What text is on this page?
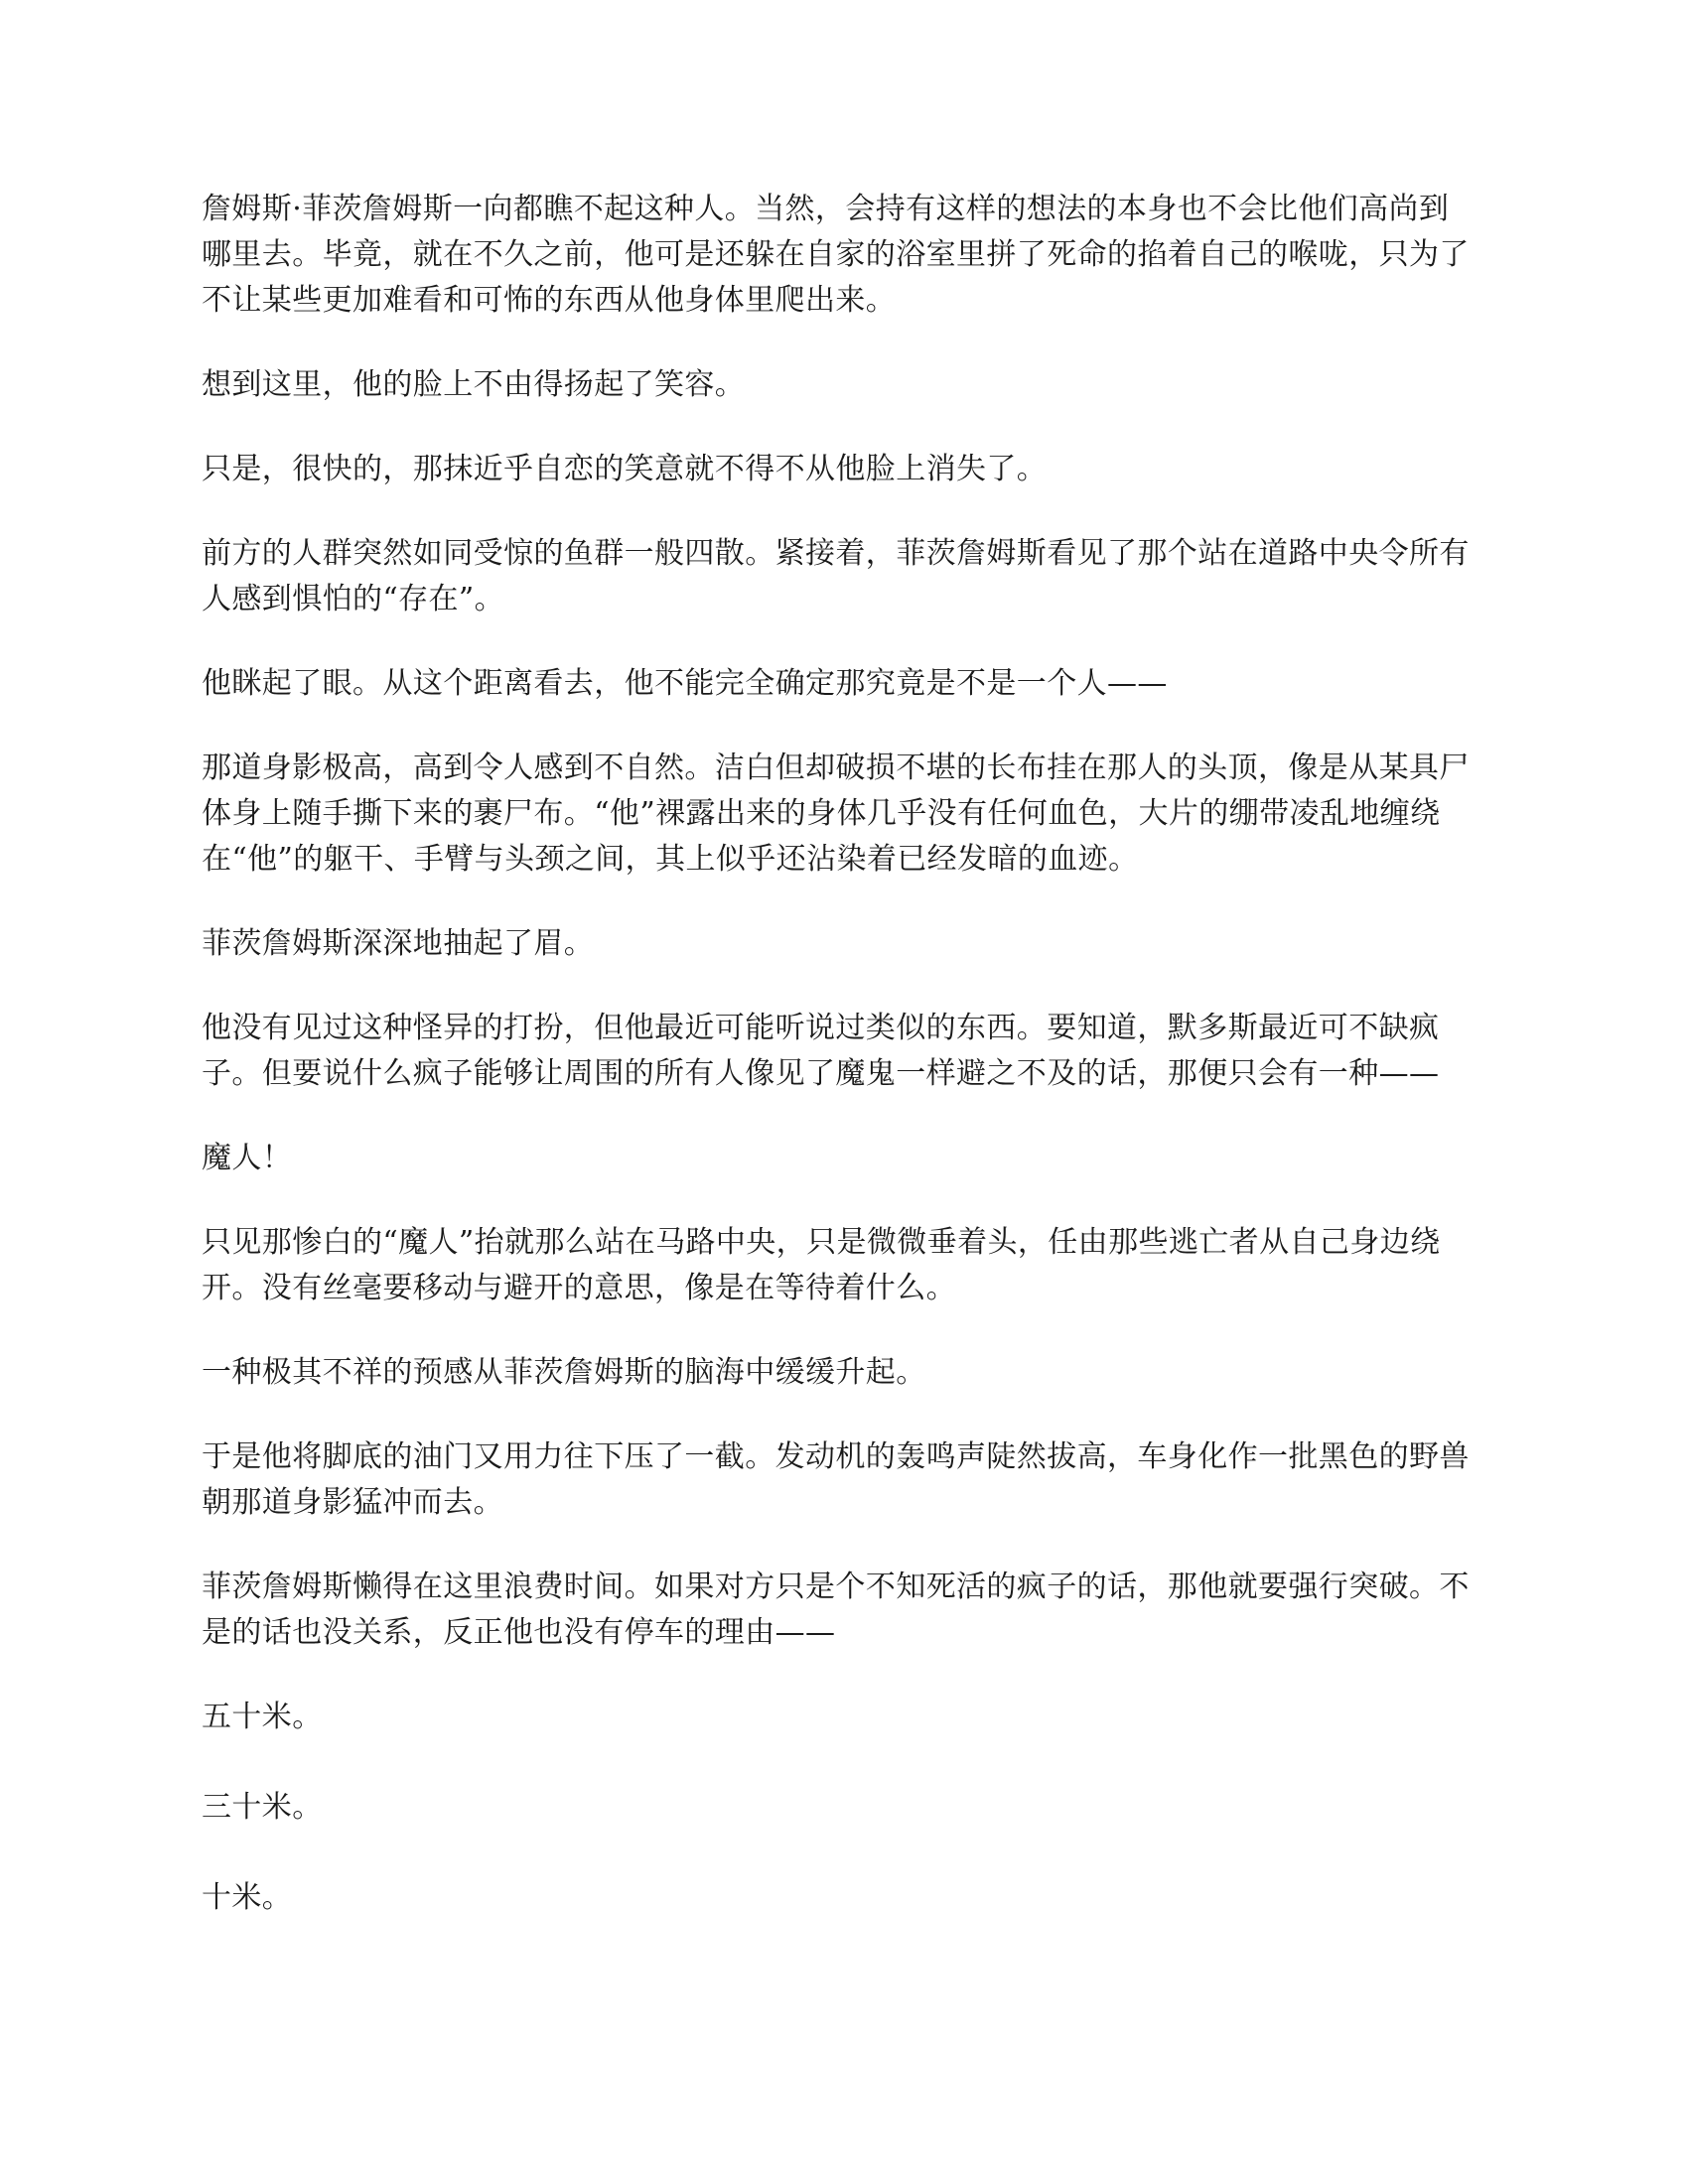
詹姆斯·菲茨詹姆斯一向都瞧不起这种人。当然，会持有这样的想法的本身也不会比他们高尚到
哪里去。毕竟，就在不久之前，他可是还躲在自家的浴室里拼了死命的掐着自己的喉咙，只为了
不让某些更加难看和可怖的东西从他身体里爬出来。

想到这里，他的脸上不由得扬起了笑容。

只是，很快的，那抹近乎自恋的笑意就不得不从他脸上消失了。

前方的人群突然如同受惊的鱼群一般四散。紧接着，菲茨詹姆斯看见了那个站在道路中央令所有
人感到惧怕的“存在”。

他眯起了眼。从这个距离看去，他不能完全确定那究竟是不是一个人——

那道身影极高，高到令人感到不自然。洁白但却破损不堪的长布挂在那人的头顶，像是从某具尸
体身上随手撕下来的裹尸布。“他”裸露出来的身体几乎没有任何血色，大片的绷带凌乱地缠绕
在“他”的躯干、手臂与头颈之间，其上似乎还沾染着已经发暗的血迹。

菲茨詹姆斯深深地抽起了眉。

他没有见过这种怪异的打扮，但他最近可能听说过类似的东西。要知道，默多斯最近可不缺疯
子。但要说什么疯子能够让周围的所有人像见了魔鬼一样避之不及的话，那便只会有一种——

魔人！

只见那惨白的“魔人”抬就那么站在马路中央，只是微微垂着头，任由那些逃亡者从自己身边绕
开。没有丝毫要移动与避开的意思，像是在等待着什么。

一种极其不祥的预感从菲茨詹姆斯的脑海中缓缓升起。

于是他将脚底的油门又用力往下压了一截。发动机的轰鸣声陡然拔高，车身化作一批黑色的野兽
朝那道身影猛冲而去。

菲茨詹姆斯懒得在这里浪费时间。如果对方只是个不知死活的疯子的话，那他就要强行突破。不
是的话也没关系，反正他也没有停车的理由——

五十米。

三十米。

十米。
